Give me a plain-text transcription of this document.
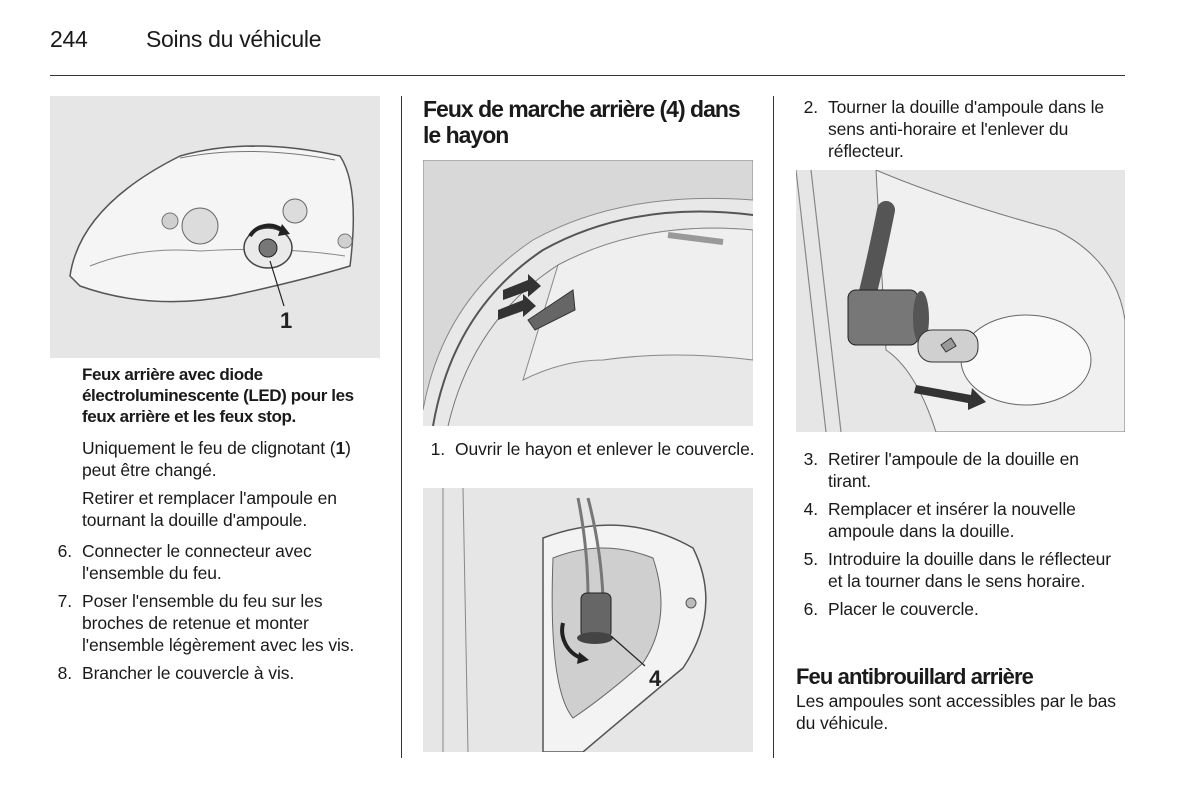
244	Soins du véhicule
1
Feux arrière avec diode électroluminescente (LED) pour les feux arrière et les feux stop.

Uniquement le feu de clignotant (1) peut être changé.

Retirer et remplacer l'ampoule en tournant la douille d'ampoule.

6. Connecter le connecteur avec l'ensemble du feu.
7. Poser l'ensemble du feu sur les broches de retenue et monter l'ensemble légèrement avec les vis.
8. Brancher le couvercle à vis.
Feux de marche arrière (4) dans le hayon
1. Ouvrir le hayon et enlever le couvercle.
4
2. Tourner la douille d'ampoule dans le sens anti-horaire et l'enlever du réflecteur.
3. Retirer l'ampoule de la douille en tirant.
4. Remplacer et insérer la nouvelle ampoule dans la douille.
5. Introduire la douille dans le réflecteur et la tourner dans le sens horaire.
6. Placer le couvercle.
Feu antibrouillard arrière

Les ampoules sont accessibles par le bas du véhicule.
